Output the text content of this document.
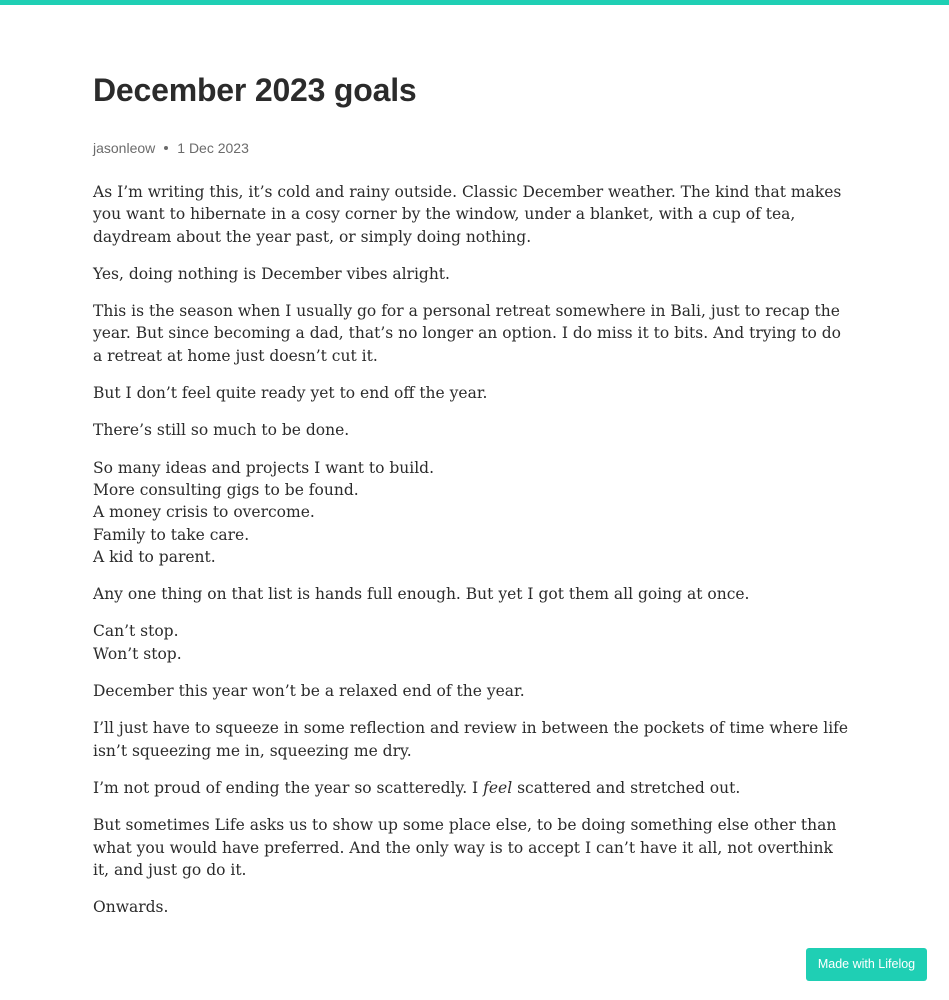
December 2023 goals
jasonleow 1 Dec 2023

As I’m writing this, it’s cold and rainy outside. Classic December weather. The kind that makes you want to hibernate in a cosy corner by the window, under a blanket, with a cup of tea, daydream about the year past, or simply doing nothing.

Yes, doing nothing is December vibes alright.

This is the season when I usually go for a personal retreat somewhere in Bali, just to recap the year. But since becoming a dad, that’s no longer an option. I do miss it to bits. And trying to do a retreat at home just doesn’t cut it.

But I don’t feel quite ready yet to end off the year.

There’s still so much to be done.

So many ideas and projects I want to build.
More consulting gigs to be found.
A money crisis to overcome.
Family to take care.
A kid to parent.

Any one thing on that list is hands full enough. But yet I got them all going at once.

Can’t stop.
Won’t stop.

December this year won’t be a relaxed end of the year.

I’ll just have to squeeze in some reflection and review in between the pockets of time where life isn’t squeezing me in, squeezing me dry.

I’m not proud of ending the year so scatteredly. I feel scattered and stretched out.

But sometimes Life asks us to show up some place else, to be doing something else other than what you would have preferred. And the only way is to accept I can’t have it all, not overthink it, and just go do it.

Onwards.

Made with Lifelog
